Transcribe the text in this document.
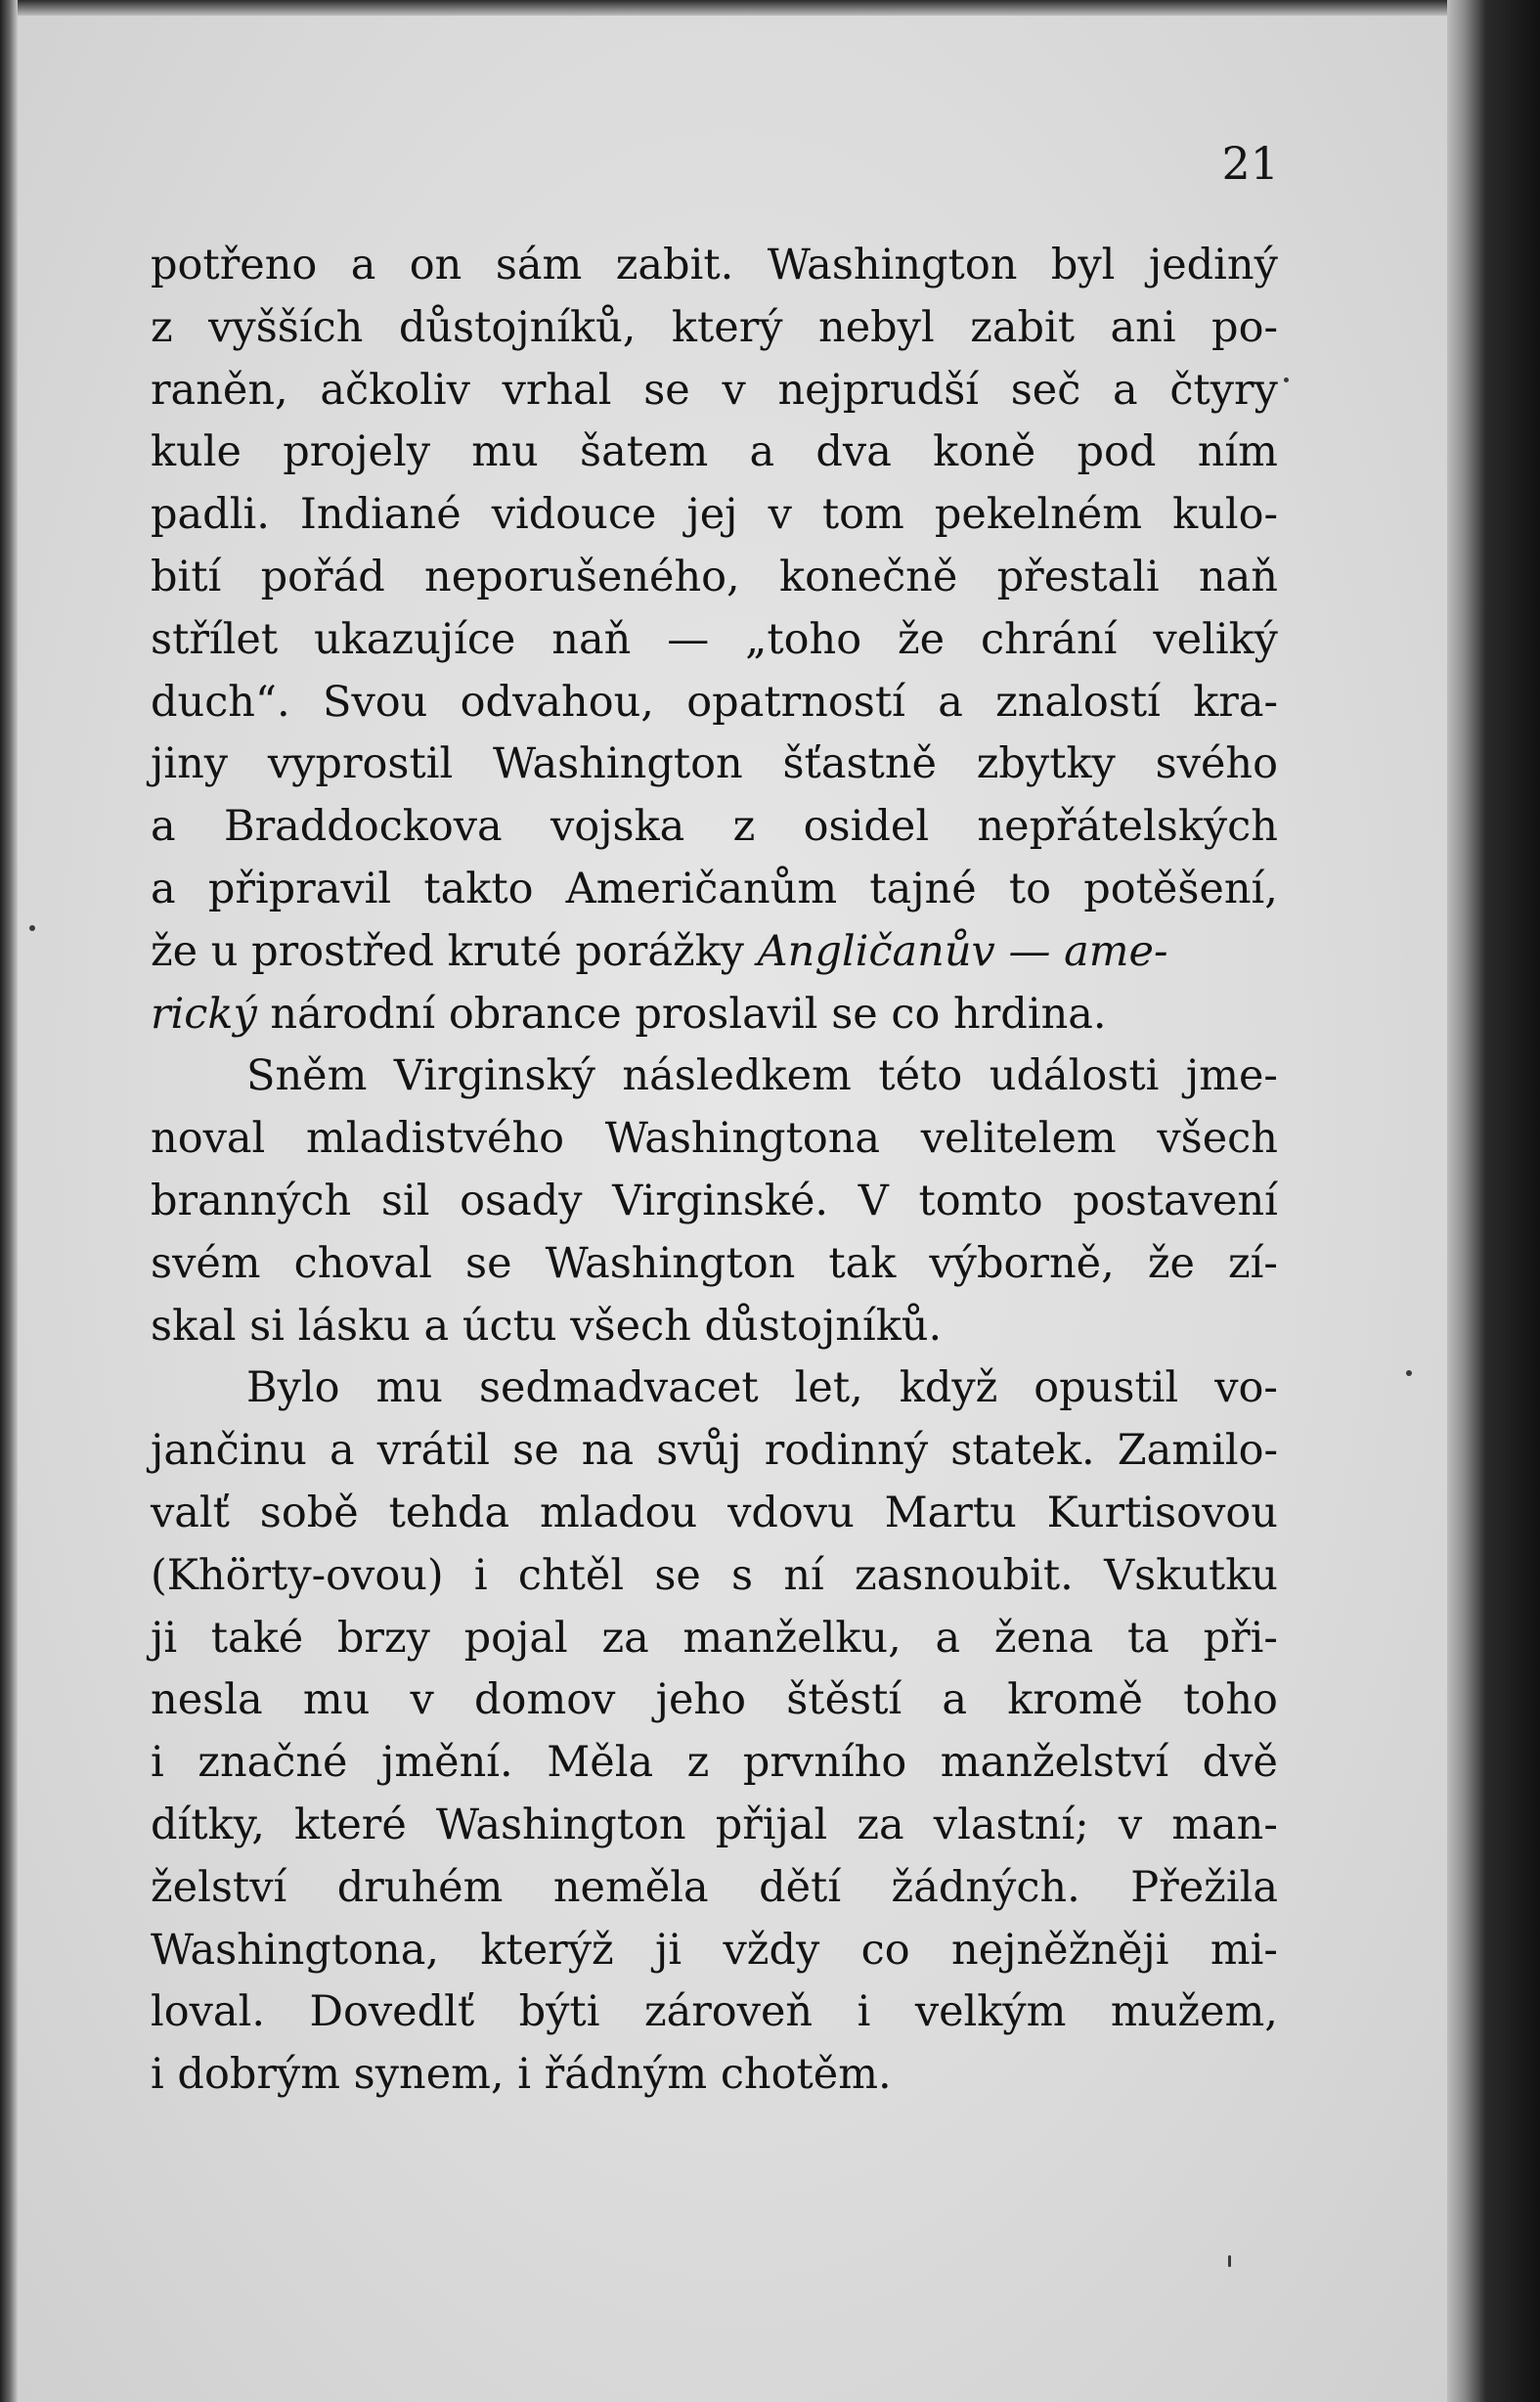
21
potřeno a on sám zabit. Washington byl jediný
z vyšších důstojníků, který nebyl zabit ani po-
raněn, ačkoliv vrhal se v nejprudší seč a čtyry
kule projely mu šatem a dva koně pod ním
padli. Indiané vidouce jej v tom pekelném kulo-
bití pořád neporušeného, konečně přestali naň
střílet ukazujíce naň — „toho že chrání veliký
duch“. Svou odvahou, opatrností a znalostí kra-
jiny vyprostil Washington šťastně zbytky svého
a Braddockova vojska z osidel nepřátelských
a připravil takto Američanům tajné to potěšení,
že u prostřed kruté porážky Angličanův — ame-
rický národní obrance proslavil se co hrdina.
Sněm Virginský následkem této události jme-
noval mladistvého Washingtona velitelem všech
branných sil osady Virginské. V tomto postavení
svém choval se Washington tak výborně, že zí-
skal si lásku a úctu všech důstojníků.
Bylo mu sedmadvacet let, když opustil vo-
jančinu a vrátil se na svůj rodinný statek. Zamilo-
valť sobě tehda mladou vdovu Martu Kurtisovou
(Khörty-ovou) i chtěl se s ní zasnoubit. Vskutku
ji také brzy pojal za manželku, a žena ta při-
nesla mu v domov jeho štěstí a kromě toho
i značné jmění. Měla z prvního manželství dvě
dítky, které Washington přijal za vlastní; v man-
želství druhém neměla dětí žádných. Přežila
Washingtona, kterýž ji vždy co nejněžněji mi-
loval. Dovedlť býti zároveň i velkým mužem,
i dobrým synem, i řádným chotěm.
